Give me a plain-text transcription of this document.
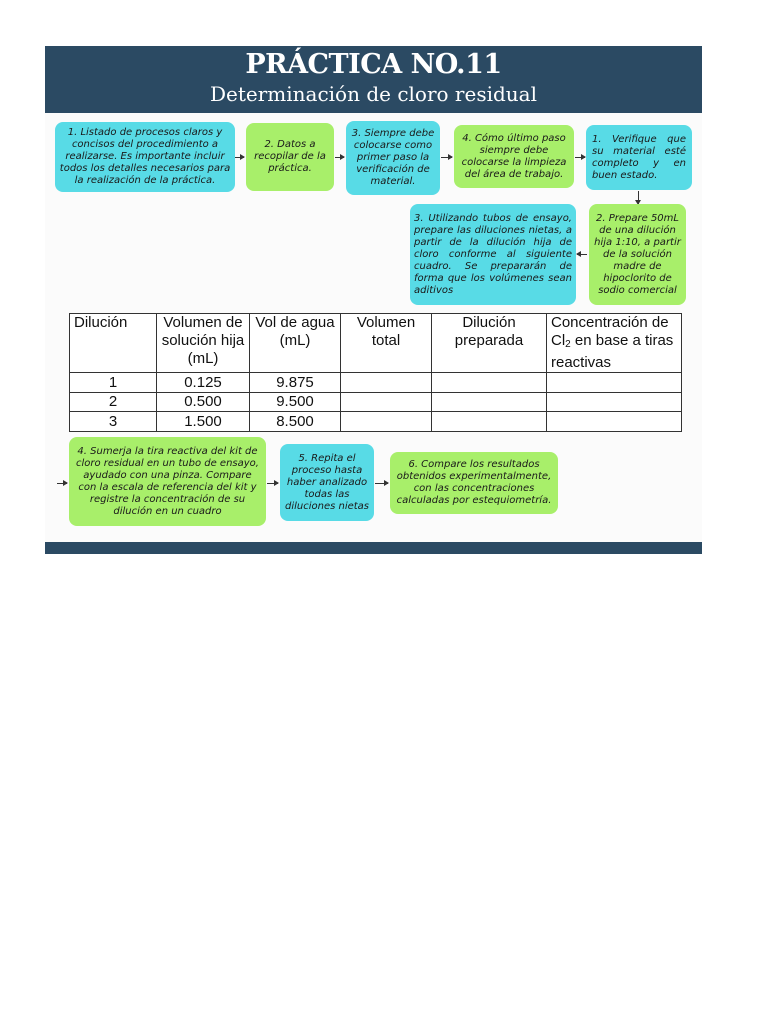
PRÁCTICA NO.11
Determinación de cloro residual
1. Listado de procesos claros y concisos del procedimiento a realizarse. Es importante incluir todos los detalles necesarios para la realización de la práctica.
2. Datos a recopilar de la práctica.
3. Siempre debe colocarse como primer paso la verificación de material.
4. Cómo último paso siempre debe colocarse la limpieza del área de trabajo.
1. Verifique que su material esté completo y en buen estado.
3. Utilizando tubos de ensayo, prepare las diluciones nietas, a partir de la dilución hija de cloro conforme al siguiente cuadro. Se prepararán de forma que los volúmenes sean aditivos
2. Prepare 50mL de una dilución hija 1:10, a partir de la solución madre de hipoclorito de sodio comercial
Dilución	Volumen de solución hija (mL)	Vol de agua (mL)	Volumen total	Dilución preparada	Concentración de $Cl_2$ en base a tiras reactivas
1	0.125	9.875			
2	0.500	9.500			
3	1.500	8.500			
4. Sumerja la tira reactiva del kit de cloro residual en un tubo de ensayo, ayudado con una pinza. Compare con la escala de referencia del kit y registre la concentración de su dilución en un cuadro
5. Repita el proceso hasta haber analizado todas las diluciones nietas
6. Compare los resultados obtenidos experimentalmente, con las concentraciones calculadas por estequiometría.
